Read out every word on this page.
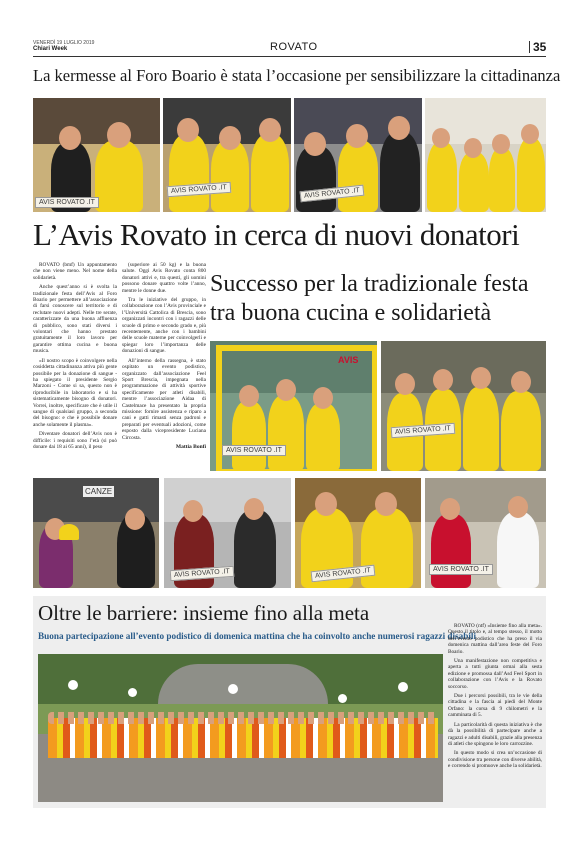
VENERDÌ 19 LUGLIO 2019
Chiari Week	ROVATO	35
La kermesse al Foro Boario è stata l’occasione per sensibilizzare la cittadinanza
AVIS ROVATO .IT
AVIS ROVATO .IT	AVIS ROVATO .IT
L’Avis Rovato in cerca di nuovi donatori

ROVATO (bmf) Un appuntamento che non viene meno. Nel nome della solidarietà.

Anche quest’anno si è svolta la tradizionale festa dell’Avis al Foro Boario per permettere all’associazione di farsi conoscere sul territorio e di reclutare nuovi adepti. Nelle tre serate, caratterizzate da una buona affluenza di pubblico, sono stati diversi i volontari che hanno prestato gratuitamente il loro lavoro per garantire ottima cucina e buona musica.

«Il nostro scopo è coinvolgere nella cosiddetta cittadinanza attiva più gente possibile per la donazione di sangue - ha spiegato il presidente Sergio Marzoni - Come si sa, questo non è riproducibile in laboratorio e si ha sistematicamente bisogno di donatori. Vorrei, inoltre, specificare che è utile il sangue di qualsiasi gruppo, a seconda del bisogno: e che è possibile donare anche solamente il plasma».

Diventare donatori dell’Avis non è difficile: i requisiti sono l’età (si può donare dai 18 ai 65 anni), il peso

(superiore ai 50 kg) e la buona salute. Oggi Avis Rovato conta 800 donatori attivi e, tra questi, gli uomini possono donare quattro volte l’anno, mentre le donne due.

Tra le iniziative del gruppo, in collaborazione con l’Avis provinciale e l’Università Cattolica di Brescia, sono organizzati incontri con i ragazzi delle scuole di primo e secondo grado e, più recentemente, anche con i bambini delle scuole materne per coinvolgerli e spiegar loro l’importanza delle donazioni di sangue.

All’interno della rassegna, è stato ospitato un evento podistico, organizzato dall’associazione Feel Sport Brescia, impegnata nella programmazione di attività sportive specificamente per atleti disabili, mentre l’associazione Aidaa di Castelmace ha presentato la propria missione: fornire assistenza e riparo a cani e gatti rimasti senza padroni e preparati per eventuali adozioni, come esposto dalla vicepresidente Luciana Circosta.

Mattia Bonfi
Successo per la tradizionale festa tra buona cucina e solidarietà
AVIS
AVIS ROVATO .IT
AVIS ROVATO .IT
CANZE
AVIS ROVATO .IT	AVIS ROVATO .IT	AVIS ROVATO .IT
Oltre le barriere: insieme fino alla meta
Buona partecipazione all’evento podistico di domenica mattina che ha coinvolto anche numerosi ragazzi disabili

ROVATO (ntf) «Insieme fino alla meta». Questo il titolo e, al tempo stesso, il motto dell’evento podistico che ha preso il via domenica mattina dall’area feste del Foro Boario.

Una manifestazione non competitiva e aperta a tutti giunta ormai alla sesta edizione e promossa dall’Asd Feel Sport in collaborazione con l’Avis e la Rovato soccorso.

Due i percorsi possibili, tra le vie della cittadina e la fascia ai piedi del Monte Orfano: la corsa di 9 chilometri e la camminata di 5.

La particolarità di questa iniziativa è che dà la possibilità di partecipare anche a ragazzi e adulti disabili, grazie alla presenza di atleti che spingono le loro carrozzine.

In questo modo si crea un’occasione di condivisione tra persone con diverse abilità, e correndo si promuove anche la solidarietà.
